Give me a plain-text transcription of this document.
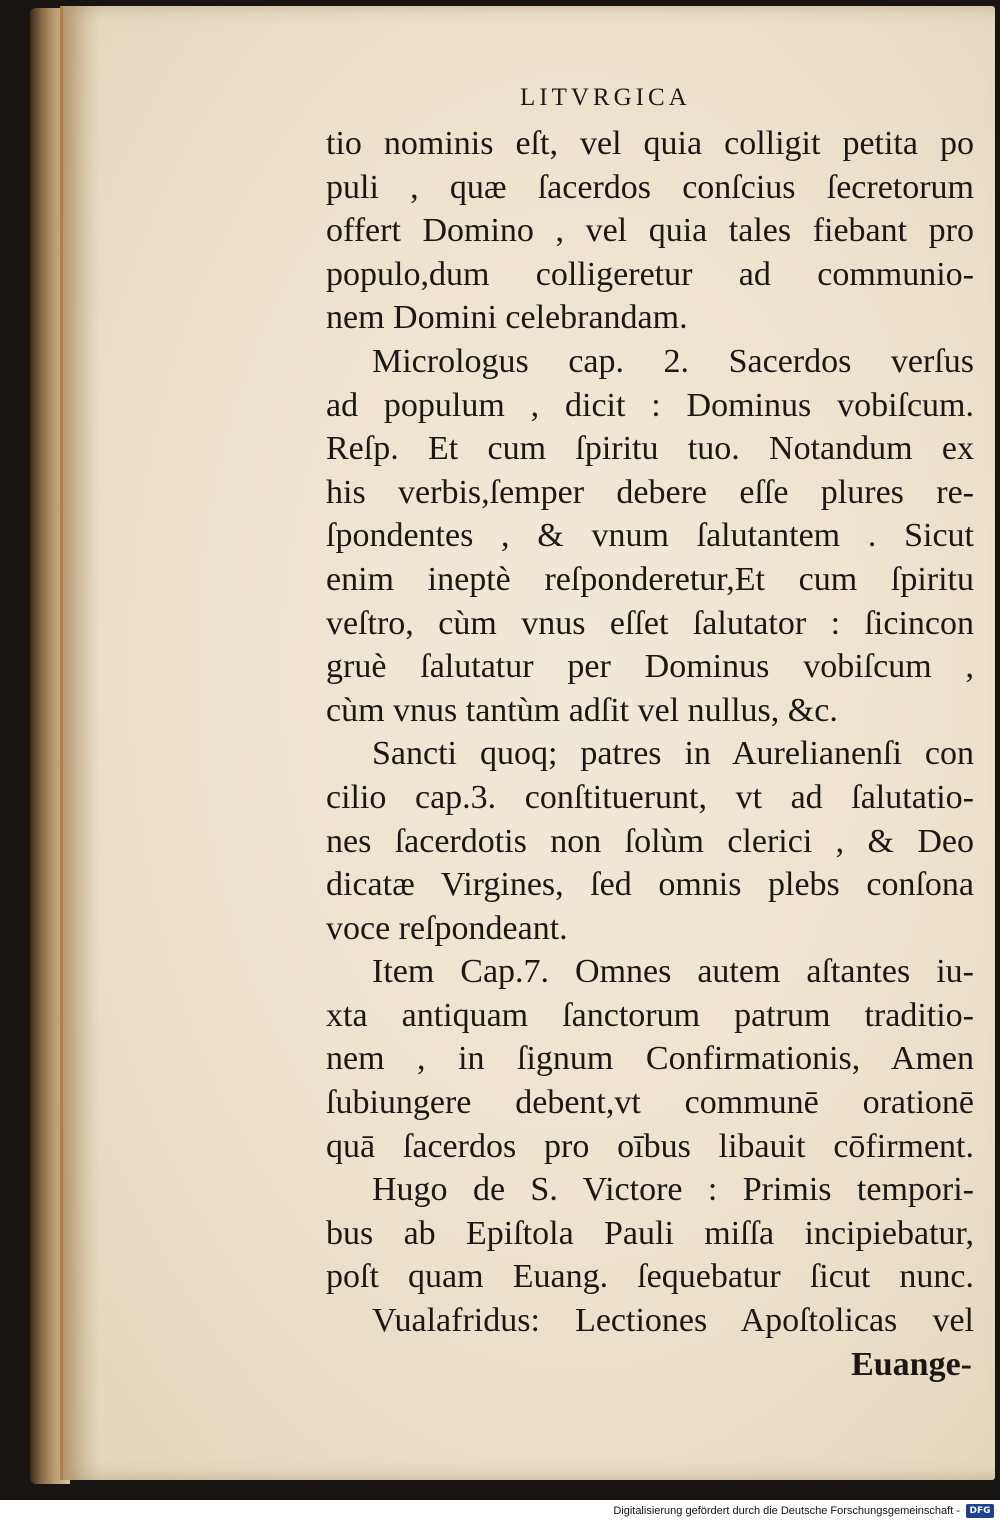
LITVRGICA
tio nominis eſt, vel quia colligit petita po
puli , quæ ſacerdos conſcius ſecretorum
offert Domino , vel quia tales fiebant pro
populo,dum colligeretur ad communio-
nem Domini celebrandam.
Micrologus cap. 2. Sacerdos verſus
ad populum , dicit : Dominus vobiſcum.
Reſp. Et cum ſpiritu tuo. Notandum ex
his verbis,ſemper debere eſſe plures re-
ſpondentes , & vnum ſalutantem . Sicut
enim ineptè reſponderetur,Et cum ſpiritu
veſtro, cùm vnus eſſet ſalutator : ſicincon
gruè ſalutatur per Dominus vobiſcum ,
cùm vnus tantùm adſit vel nullus, &c.
Sancti quoq; patres in Aurelianenſi con
cilio cap.3. conſtituerunt, vt ad ſalutatio-
nes ſacerdotis non ſolùm clerici , & Deo
dicatæ Virgines, ſed omnis plebs conſona
voce reſpondeant.
Item Cap.7. Omnes autem aſtantes iu-
xta antiquam ſanctorum patrum traditio-
nem , in ſignum Confirmationis, Amen
ſubiungere debent,vt communē orationē
quā ſacerdos pro oībus libauit cōfirment.
Hugo de S. Victore : Primis tempori-
bus ab Epiſtola Pauli miſſa incipiebatur,
poſt quam Euang. ſequebatur ſicut nunc.
Vualafridus: Lectiones Apoſtolicas vel
Euange-
Digitalisierung gefördert durch die Deutsche Forschungsgemeinschaft -	DFG
